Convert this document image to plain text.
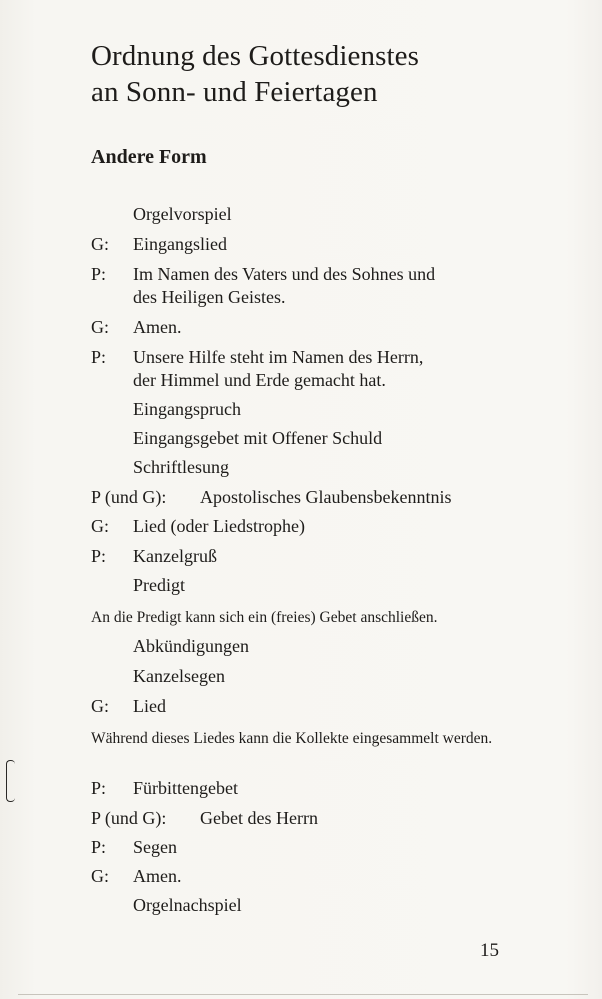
Ordnung des Gottesdienstes
an Sonn- und Feiertagen
Andere Form
Orgelvorspiel
G: Eingangslied
P: Im Namen des Vaters und des Sohnes und
des Heiligen Geistes.
G: Amen.
P: Unsere Hilfe steht im Namen des Herrn,
der Himmel und Erde gemacht hat.
Eingangspruch
Eingangsgebet mit Offener Schuld
Schriftlesung
P (und G): Apostolisches Glaubensbekenntnis
G: Lied (oder Liedstrophe)
P: Kanzelgruß
Predigt
An die Predigt kann sich ein (freies) Gebet anschließen.
Abkündigungen
Kanzelsegen
G: Lied
Während dieses Liedes kann die Kollekte eingesammelt werden.
P: Fürbittengebet
P (und G): Gebet des Herrn
P: Segen
G: Amen.
Orgelnachspiel
15
